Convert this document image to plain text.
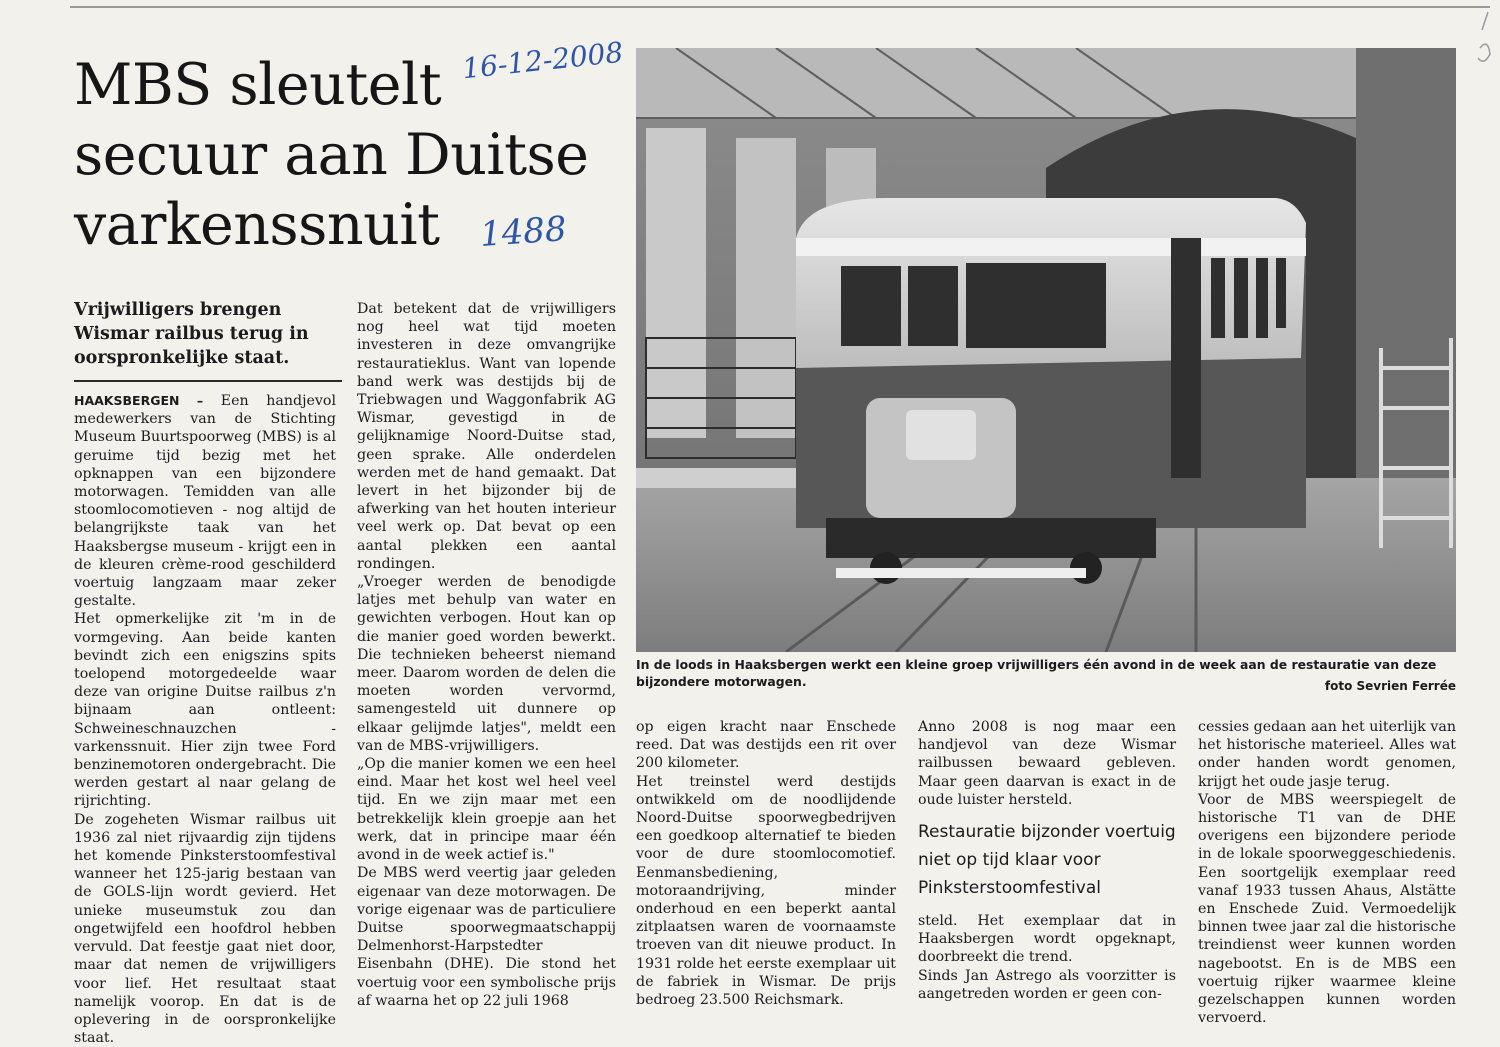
16-12-2008
1488
MBS sleutelt
secuur aan Duitse
varkenssnuit
Vrijwilligers brengen Wismar railbus terug in oorspronkelijke staat.

HAAKSBERGEN – Een handjevol medewerkers van de Stichting Museum Buurtspoorweg (MBS) is al geruime tijd bezig met het opknappen van een bijzondere motorwagen. Temidden van alle stoomlocomotieven - nog altijd de belangrijkste taak van het Haaksbergse museum - krijgt een in de kleuren crème-rood geschilderd voertuig langzaam maar zeker gestalte.

Het opmerkelijke zit 'm in de vormgeving. Aan beide kanten bevindt zich een enigszins spits toelopend motorgedeelde waar deze van origine Duitse railbus z'n bijnaam aan ontleent: Schweineschnauzchen - varkenssnuit. Hier zijn twee Ford benzinemotoren ondergebracht. Die werden gestart al naar gelang de rijrichting.

De zogeheten Wismar railbus uit 1936 zal niet rijvaardig zijn tijdens het komende Pinksterstoomfestival wanneer het 125-jarig bestaan van de GOLS-lijn wordt gevierd. Het unieke museumstuk zou dan ongetwijfeld een hoofdrol hebben vervuld. Dat feestje gaat niet door, maar dat nemen de vrijwilligers voor lief. Het resultaat staat namelijk voorop. En dat is de oplevering in de oorspronkelijke staat.

Dat betekent dat de vrijwilligers nog heel wat tijd moeten investeren in deze omvangrijke restauratieklus. Want van lopende band werk was destijds bij de Triebwagen und Waggonfabrik AG Wismar, gevestigd in de gelijknamige Noord-Duitse stad, geen sprake. Alle onderdelen werden met de hand gemaakt. Dat levert in het bijzonder bij de afwerking van het houten interieur veel werk op. Dat bevat op een aantal plekken een aantal rondingen.

„Vroeger werden de benodigde latjes met behulp van water en gewichten verbogen. Hout kan op die manier goed worden bewerkt. Die technieken beheerst niemand meer. Daarom worden de delen die moeten worden vervormd, samengesteld uit dunnere op elkaar gelijmde latjes", meldt een van de MBS-vrijwilligers.

„Op die manier komen we een heel eind. Maar het kost wel heel veel tijd. En we zijn maar met een betrekkelijk klein groepje aan het werk, dat in principe maar één avond in de week actief is."

De MBS werd veertig jaar geleden eigenaar van deze motorwagen. De vorige eigenaar was de particuliere Duitse spoorwegmaatschappij Delmenhorst-Harpstedter Eisenbahn (DHE). Die stond het voertuig voor een symbolische prijs af waarna het op 22 juli 1968

In de loods in Haaksbergen werkt een kleine groep vrijwilligers één avond in de week aan de restauratie van deze bijzondere motorwagen.	foto Sevrien Ferrée

op eigen kracht naar Enschede reed. Dat was destijds een rit over 200 kilometer.

Het treinstel werd destijds ontwikkeld om de noodlijdende Noord-Duitse spoorwegbedrijven een goedkoop alternatief te bieden voor de dure stoomlocomotief. Eenmansbediening, motoraandrijving, minder onderhoud en een beperkt aantal zitplaatsen waren de voornaamste troeven van dit nieuwe product. In 1931 rolde het eerste exemplaar uit de fabriek in Wismar. De prijs bedroeg 23.500 Reichsmark.

Anno 2008 is nog maar een handjevol van deze Wismar railbussen bewaard gebleven. Maar geen daarvan is exact in de oude luister hersteld.

Restauratie bijzonder voertuig niet op tijd klaar voor Pinksterstoomfestival

steld. Het exemplaar dat in Haaksbergen wordt opgeknapt, doorbreekt die trend.

Sinds Jan Astrego als voorzitter is aangetreden worden er geen con-

cessies gedaan aan het uiterlijk van het historische materieel. Alles wat onder handen wordt genomen, krijgt het oude jasje terug.

Voor de MBS weerspiegelt de historische T1 van de DHE overigens een bijzondere periode in de lokale spoorweggeschiedenis. Een soortgelijk exemplaar reed vanaf 1933 tussen Ahaus, Alstätte en Enschede Zuid. Vermoedelijk binnen twee jaar zal die historische treindienst weer kunnen worden nagebootst. En is de MBS een voertuig rijker waarmee kleine gezelschappen kunnen worden vervoerd.
